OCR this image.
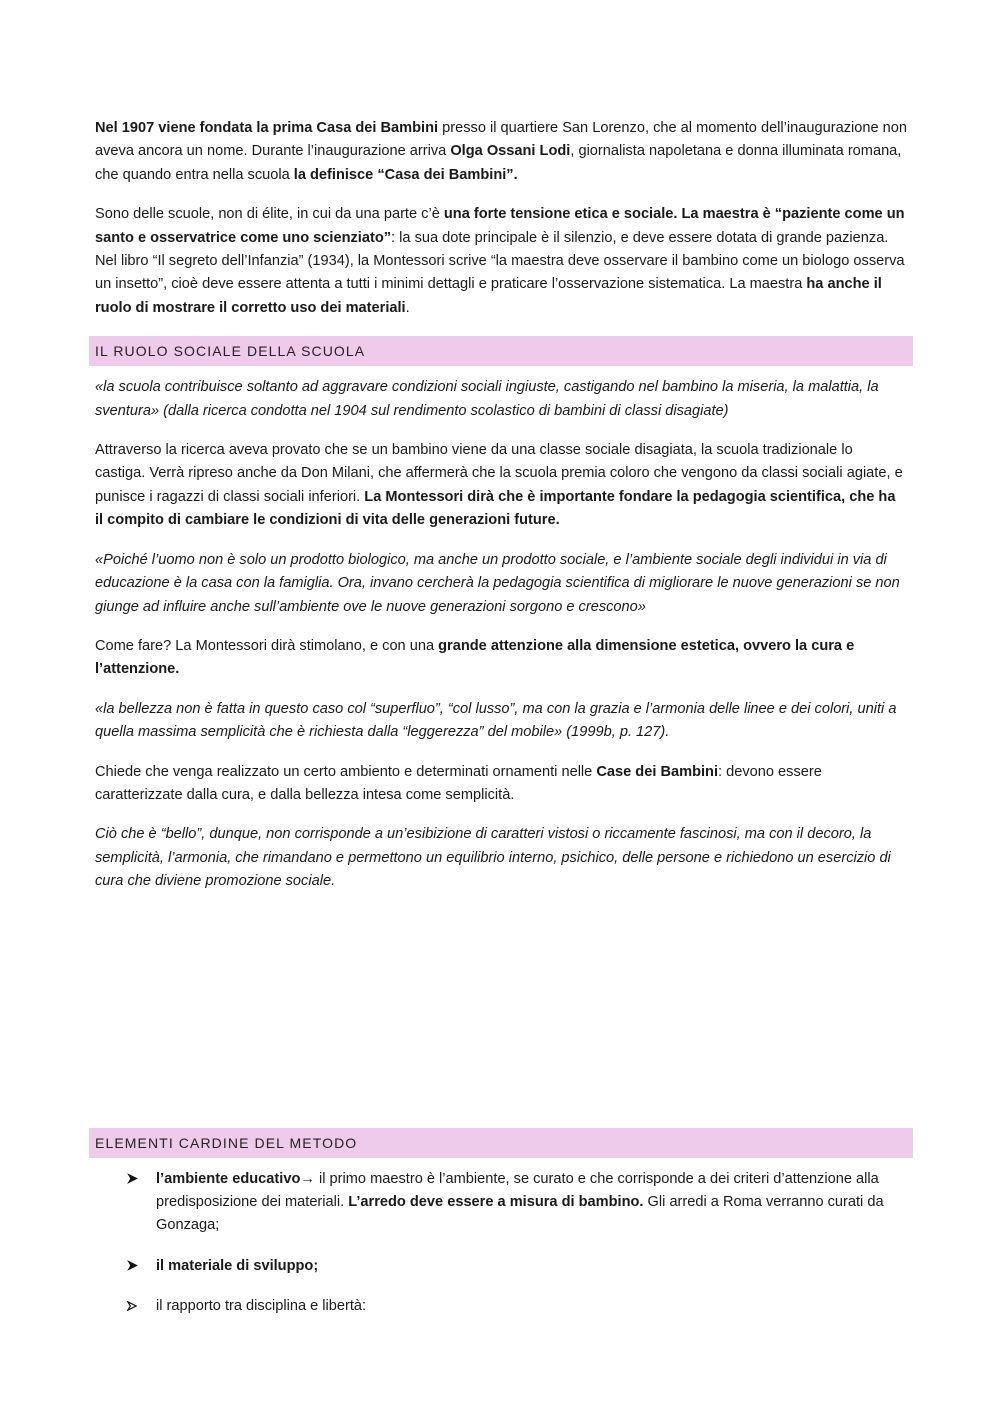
Nel 1907 viene fondata la prima Casa dei Bambini presso il quartiere San Lorenzo, che al momento dell’inaugurazione non aveva ancora un nome. Durante l’inaugurazione arriva Olga Ossani Lodi, giornalista napoletana e donna illuminata romana, che quando entra nella scuola la definisce “Casa dei Bambini”.

Sono delle scuole, non di élite, in cui da una parte c’è una forte tensione etica e sociale. La maestra è “paziente come un santo e osservatrice come uno scienziato”: la sua dote principale è il silenzio, e deve essere dotata di grande pazienza. Nel libro “Il segreto dell’Infanzia” (1934), la Montessori scrive “la maestra deve osservare il bambino come un biologo osserva un insetto”, cioè deve essere attenta a tutti i minimi dettagli e praticare l’osservazione sistematica. La maestra ha anche il ruolo di mostrare il corretto uso dei materiali.

IL RUOLO SOCIALE DELLA SCUOLA

«la scuola contribuisce soltanto ad aggravare condizioni sociali ingiuste, castigando nel bambino la miseria, la malattia, la sventura» (dalla ricerca condotta nel 1904 sul rendimento scolastico di bambini di classi disagiate)

Attraverso la ricerca aveva provato che se un bambino viene da una classe sociale disagiata, la scuola tradizionale lo castiga. Verrà ripreso anche da Don Milani, che affermerà che la scuola premia coloro che vengono da classi sociali agiate, e punisce i ragazzi di classi sociali inferiori. La Montessori dirà che è importante fondare la pedagogia scientifica, che ha il compito di cambiare le condizioni di vita delle generazioni future.

«Poiché l’uomo non è solo un prodotto biologico, ma anche un prodotto sociale, e l’ambiente sociale degli individui in via di educazione è la casa con la famiglia. Ora, invano cercherà la pedagogia scientifica di migliorare le nuove generazioni se non giunge ad influire anche sull’ambiente ove le nuove generazioni sorgono e crescono»

Come fare? La Montessori dirà stimolano, e con una grande attenzione alla dimensione estetica, ovvero la cura e l’attenzione.

«la bellezza non è fatta in questo caso col “superfluo”, “col lusso”, ma con la grazia e l’armonia delle linee e dei colori, uniti a quella massima semplicità che è richiesta dalla “leggerezza” del mobile» (1999b, p. 127).

Chiede che venga realizzato un certo ambiento e determinati ornamenti nelle Case dei Bambini: devono essere caratterizzate dalla cura, e dalla bellezza intesa come semplicità.

Ciò che è “bello”, dunque, non corrisponde a un’esibizione di caratteri vistosi o riccamente fascinosi, ma con il decoro, la semplicità, l’armonia, che rimandano e permettono un equilibrio interno, psichico, delle persone e richiedono un esercizio di cura che diviene promozione sociale.

ELEMENTI CARDINE DEL METODO
l’ambiente educativo→ il primo maestro è l’ambiente, se curato e che corrisponde a dei criteri d’attenzione alla predisposizione dei materiali. L’arredo deve essere a misura di bambino. Gli arredi a Roma verranno curati da Gonzaga;
il materiale di sviluppo;
il rapporto tra disciplina e libertà:
